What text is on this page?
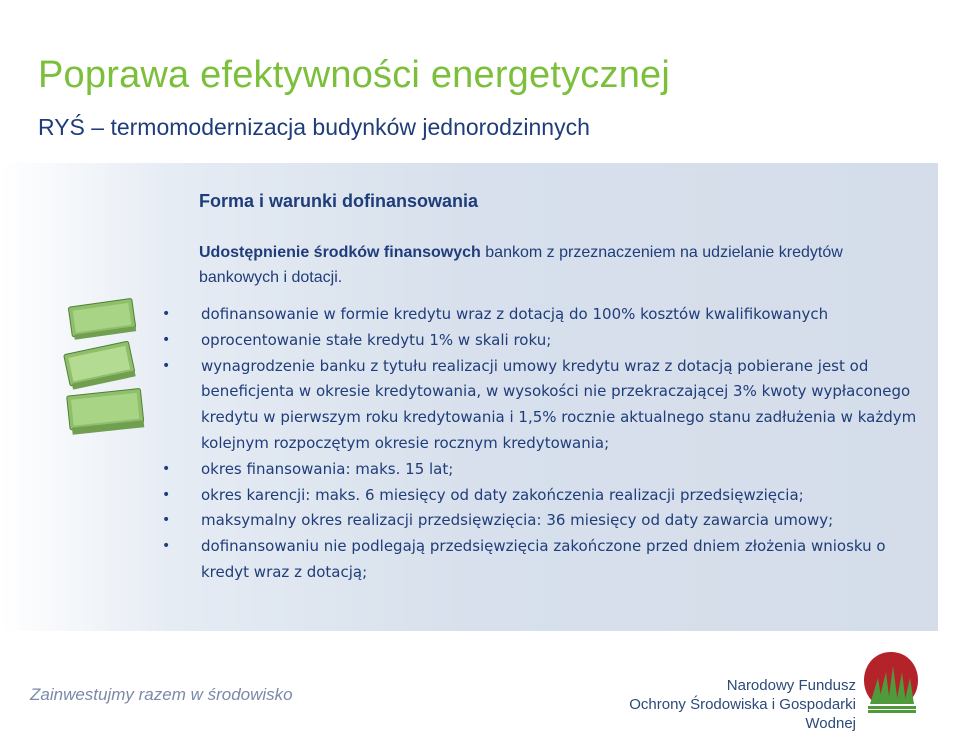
Poprawa efektywności energetycznej
RYŚ – termomodernizacja budynków jednorodzinnych
Forma i warunki dofinansowania

Udostępnienie środków finansowych bankom z przeznaczeniem na udzielanie kredytów bankowych i dotacji.

• dofinansowanie w formie kredytu wraz z dotacją do 100% kosztów kwalifikowanych
• oprocentowanie stałe kredytu 1% w skali roku;
• wynagrodzenie banku z tytułu realizacji umowy kredytu wraz z dotacją pobierane jest od beneficjenta w okresie kredytowania, w wysokości nie przekraczającej 3% kwoty wypłaconego kredytu w pierwszym roku kredytowania i 1,5% rocznie aktualnego stanu zadłużenia w każdym kolejnym rozpoczętym okresie rocznym kredytowania;
• okres finansowania: maks. 15 lat;
• okres karencji: maks. 6 miesięcy od daty zakończenia realizacji przedsięwzięcia;
• maksymalny okres realizacji przedsięwzięcia: 36 miesięcy od daty zawarcia umowy;
• dofinansowaniu nie podlegają przedsięwzięcia zakończone przed dniem złożenia wniosku o kredyt wraz z dotacją;

Zainwestujmy razem w środowisko	Narodowy Fundusz
Ochrony Środowiska i Gospodarki Wodnej
